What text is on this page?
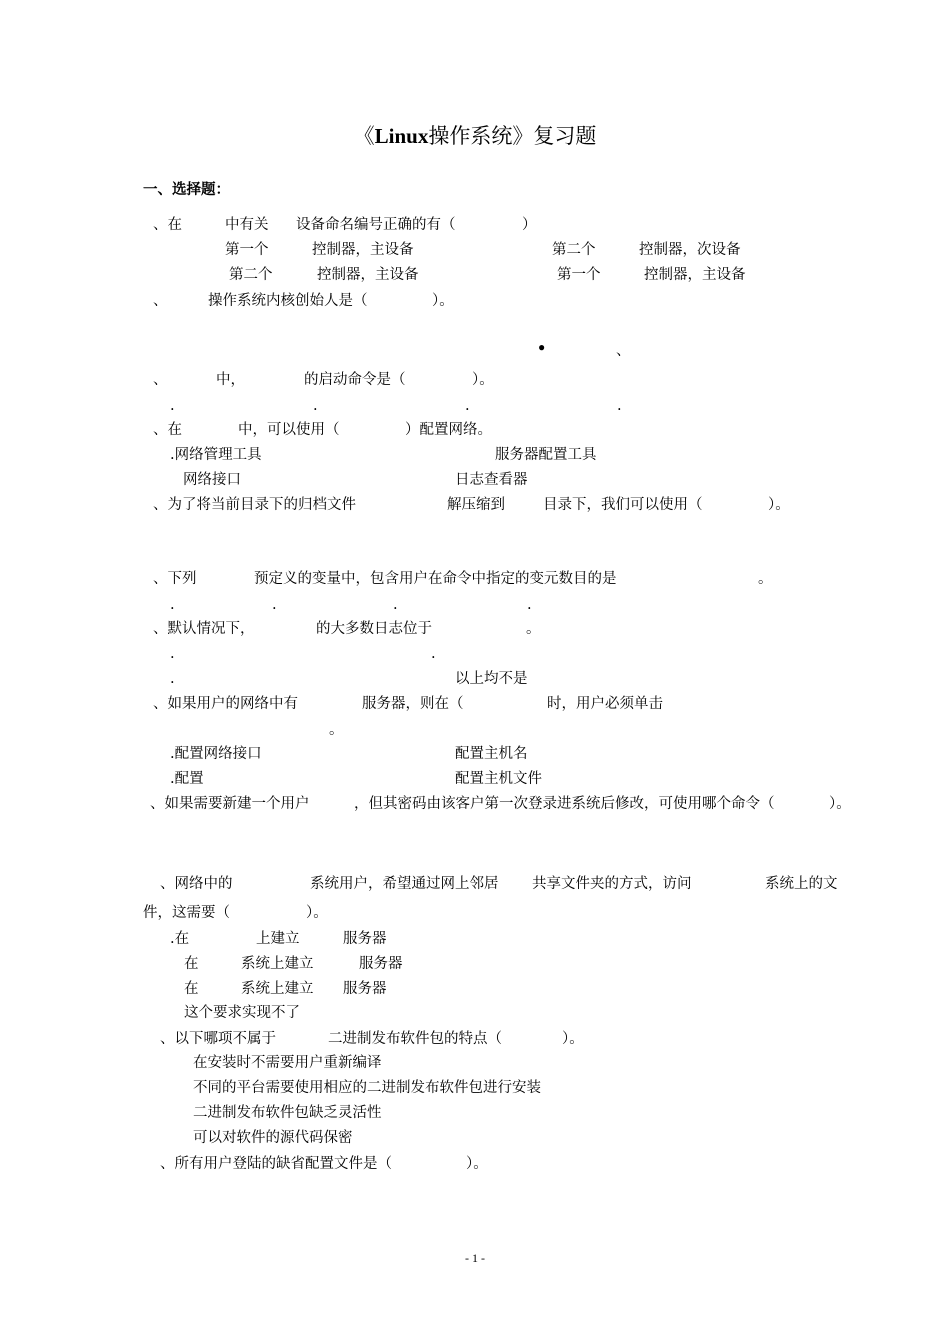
《Linux操作系统》复习题
一、选择题：
、在	中有关 设备命名编号正确的有（	）
第一个	控制器，主设备	第二个	控制器，次设备
第二个	控制器，主设备	第一个	控制器，主设备
、	操作系统内核创始人是（	）。
•	、
、	中，	的启动命令是（	）。
.	.	.	.
、在	中，可以使用（	）配置网络。
.网络管理工具	服务器配置工具
网络接口	日志查看器
、为了将当前目录下的归档文件	解压缩到	目录下，我们可以使用（	）。
、下列	预定义的变量中，包含用户在命令中指定的变元数目的是	。
.	.	.	.
、默认情况下，	的大多数日志位于	。
.	.
.	以上均不是
、如果用户的网络中有	服务器，则在（	时，用户必须单击
。
.配置网络接口	配置主机名
.配置	配置主机文件
、如果需要新建一个用户	，但其密码由该客户第一次登录进系统后修改，可使用哪个命令（	）。
、网络中的	系统用户，希望通过网上邻居 共享文件夹的方式，访问	系统上的文
件，这需要（	）。
.在	上建立	服务器
在	系统上建立	服务器
在	系统上建立 服务器
这个要求实现不了
、以下哪项不属于	二进制发布软件包的特点（	）。
在安装时不需要用户重新编译
不同的平台需要使用相应的二进制发布软件包进行安装
二进制发布软件包缺乏灵活性
可以对软件的源代码保密
、所有用户登陆的缺省配置文件是（	）。
- 1 -
